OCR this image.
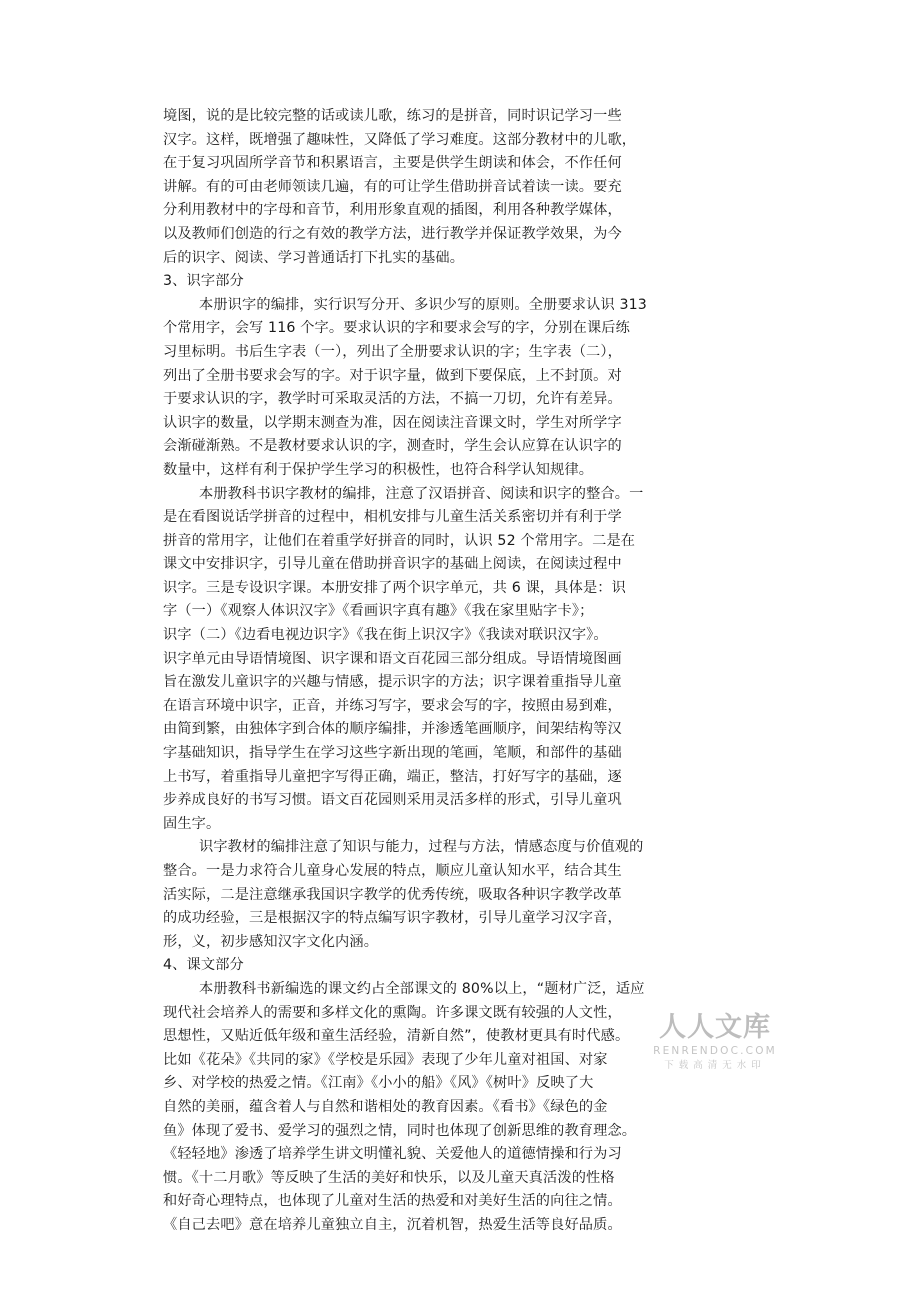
境图，说的是比较完整的话或读儿歌，练习的是拼音，同时识记学习一些
汉字。这样，既增强了趣味性，又降低了学习难度。这部分教材中的儿歌，
在于复习巩固所学音节和积累语言，主要是供学生朗读和体会，不作任何
讲解。有的可由老师领读几遍，有的可让学生借助拼音试着读一读。要充
分利用教材中的字母和音节，利用形象直观的插图，利用各种教学媒体，
以及教师们创造的行之有效的教学方法，进行教学并保证教学效果，为今
后的识字、阅读、学习普通话打下扎实的基础。
3、识字部分
本册识字的编排，实行识写分开、多识少写的原则。全册要求认识 313
个常用字，会写 116 个字。要求认识的字和要求会写的字，分别在课后练
习里标明。书后生字表（一），列出了全册要求认识的字；生字表（二），
列出了全册书要求会写的字。对于识字量，做到下要保底，上不封顶。对
于要求认识的字，教学时可采取灵活的方法，不搞一刀切，允许有差异。
认识字的数量，以学期末测查为准，因在阅读注音课文时，学生对所学字
会渐碰渐熟。不是教材要求认识的字，测查时，学生会认应算在认识字的
数量中，这样有利于保护学生学习的积极性，也符合科学认知规律。
本册教科书识字教材的编排，注意了汉语拼音、阅读和识字的整合。一
是在看图说话学拼音的过程中，相机安排与儿童生活关系密切并有利于学
拼音的常用字，让他们在着重学好拼音的同时，认识 52 个常用字。二是在
课文中安排识字，引导儿童在借助拼音识字的基础上阅读，在阅读过程中
识字。三是专设识字课。本册安排了两个识字单元，共 6 课，具体是：识
字（一）《观察人体识汉字》《看画识字真有趣》《我在家里贴字卡》；
识字（二）《边看电视边识字》《我在街上识汉字》《我读对联识汉字》。
识字单元由导语情境图、识字课和语文百花园三部分组成。导语情境图画
旨在激发儿童识字的兴趣与情感，提示识字的方法；识字课着重指导儿童
在语言环境中识字，正音，并练习写字，要求会写的字，按照由易到难，
由简到繁，由独体字到合体的顺序编排，并渗透笔画顺序，间架结构等汉
字基础知识，指导学生在学习这些字新出现的笔画，笔顺，和部件的基础
上书写，着重指导儿童把字写得正确，端正，整洁，打好写字的基础，逐
步养成良好的书写习惯。语文百花园则采用灵活多样的形式，引导儿童巩
固生字。
识字教材的编排注意了知识与能力，过程与方法，情感态度与价值观的
整合。一是力求符合儿童身心发展的特点，顺应儿童认知水平，结合其生
活实际，二是注意继承我国识字教学的优秀传统，吸取各种识字教学改革
的成功经验，三是根据汉字的特点编写识字教材，引导儿童学习汉字音，
形，义，初步感知汉字文化内涵。
4、课文部分
本册教科书新编选的课文约占全部课文的 80%以上，“题材广泛，适应
现代社会培养人的需要和多样文化的熏陶。许多课文既有较强的人文性，
思想性，又贴近低年级和童生活经验，清新自然”，使教材更具有时代感。
比如《花朵》《共同的家》《学校是乐园》表现了少年儿童对祖国、对家
乡、对学校的热爱之情。《江南》《小小的船》《风》《树叶》反映了大
自然的美丽，蕴含着人与自然和谐相处的教育因素。《看书》《绿色的金
鱼》体现了爱书、爱学习的强烈之情，同时也体现了创新思维的教育理念。
《轻轻地》渗透了培养学生讲文明懂礼貌、关爱他人的道德情操和行为习
惯。《十二月歌》等反映了生活的美好和快乐，以及儿童天真活泼的性格
和好奇心理特点，也体现了儿童对生活的热爱和对美好生活的向往之情。
《自己去吧》意在培养儿童独立自主，沉着机智，热爱生活等良好品质。
人人文库
RENRENDOC.COM
下载高清无水印
